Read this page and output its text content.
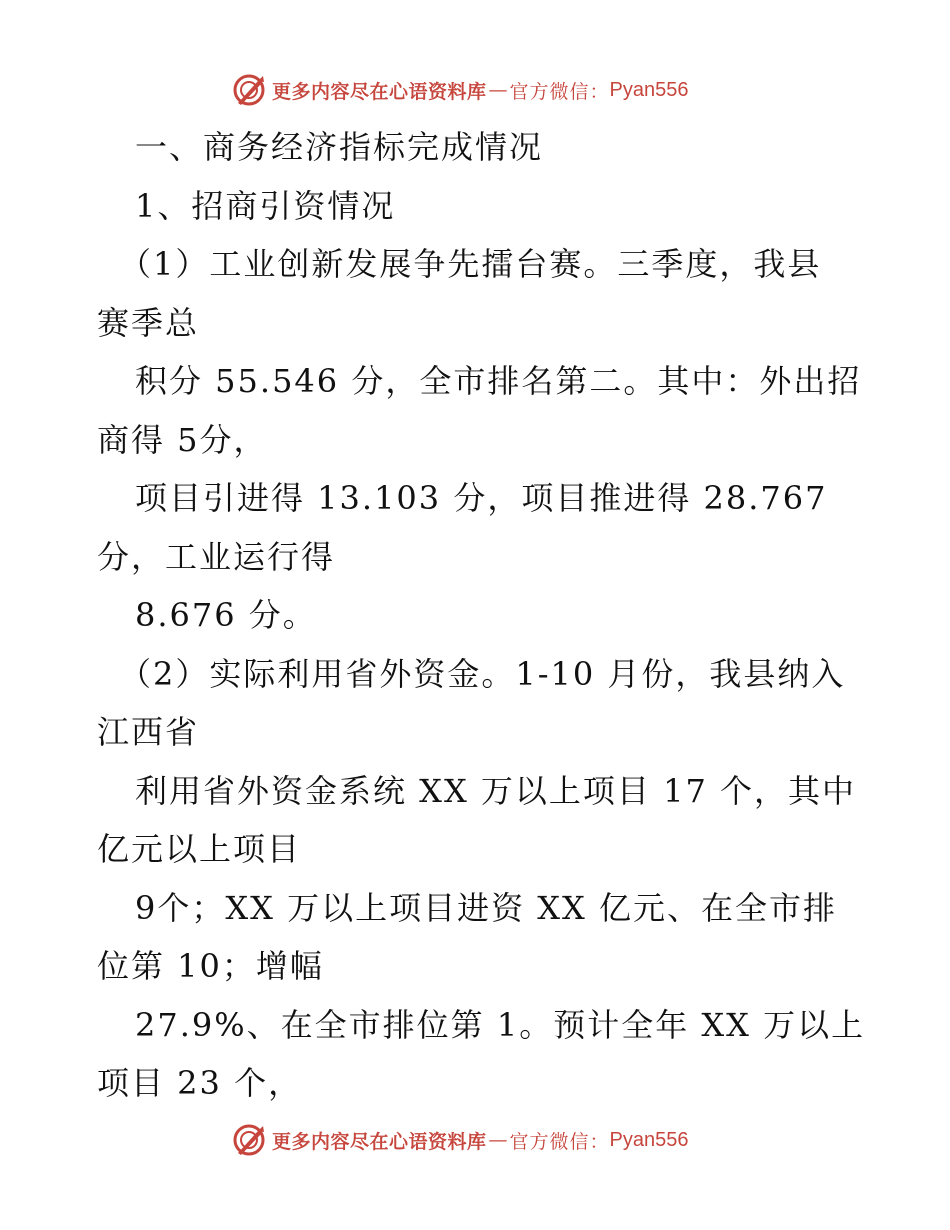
更多内容尽在心语资料库 — 官方微信： Pyan556
一、商务经济指标完成情况
1、招商引资情况
（1）工业创新发展争先擂台赛。三季度，我县
赛季总
积分 55.546 分，全市排名第二。其中：外出招
商得 5分，
项目引进得 13.103 分，项目推进得 28.767
分，工业运行得
8.676 分。
（2）实际利用省外资金。1-10 月份，我县纳入
江西省
利用省外资金系统 XX 万以上项目 17 个，其中
亿元以上项目
9个；XX 万以上项目进资 XX 亿元、在全市排
位第 10；增幅
27.9%、在全市排位第 1。预计全年 XX 万以上
项目 23 个，
更多内容尽在心语资料库 — 官方微信： Pyan556
